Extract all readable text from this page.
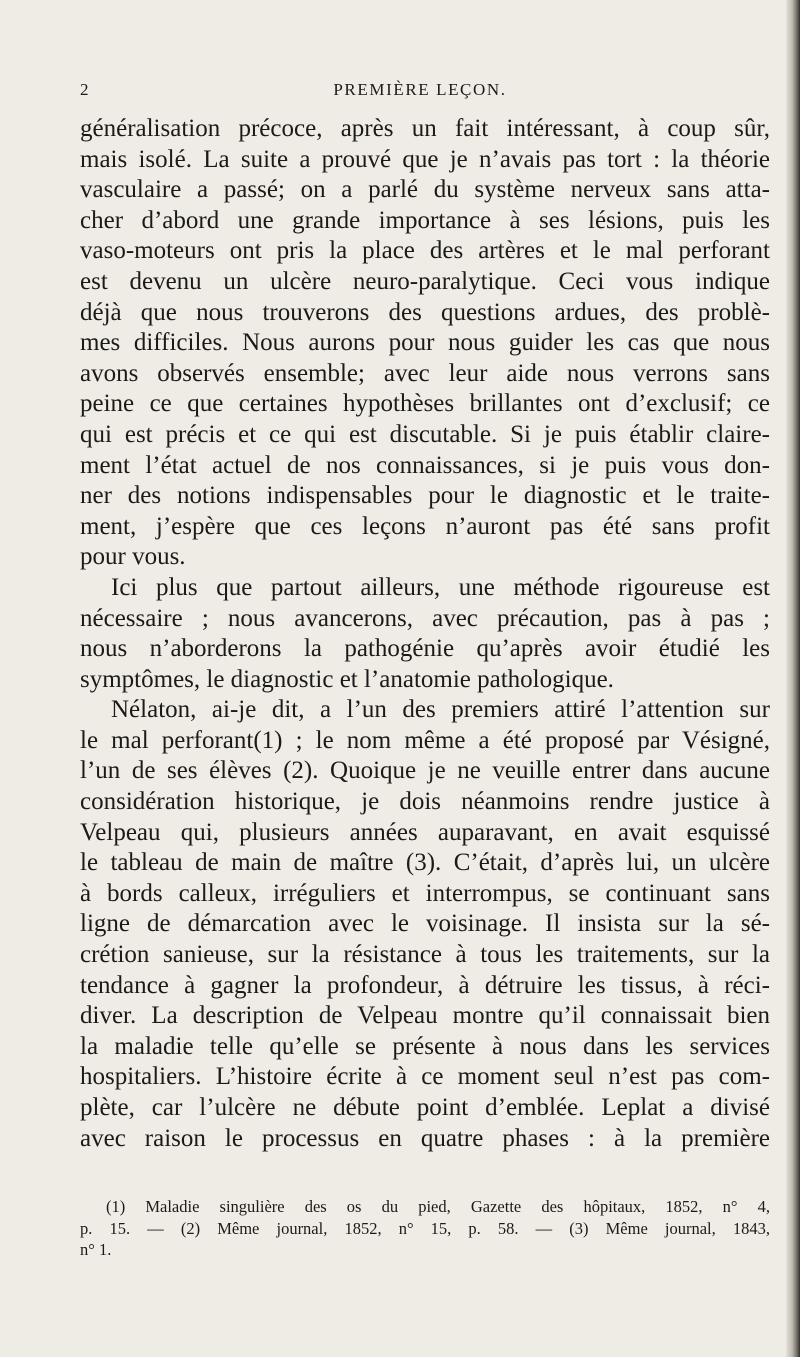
2	PREMIÈRE LEÇON.
généralisation précoce, après un fait intéressant, à coup sûr,
mais isolé. La suite a prouvé que je n’avais pas tort : la théorie
vasculaire a passé; on a parlé du système nerveux sans atta-
cher d’abord une grande importance à ses lésions, puis les
vaso-moteurs ont pris la place des artères et le mal perforant
est devenu un ulcère neuro-paralytique. Ceci vous indique
déjà que nous trouverons des questions ardues, des problè-
mes difficiles. Nous aurons pour nous guider les cas que nous
avons observés ensemble; avec leur aide nous verrons sans
peine ce que certaines hypothèses brillantes ont d’exclusif; ce
qui est précis et ce qui est discutable. Si je puis établir claire-
ment l’état actuel de nos connaissances, si je puis vous don-
ner des notions indispensables pour le diagnostic et le traite-
ment, j’espère que ces leçons n’auront pas été sans profit
pour vous.
Ici plus que partout ailleurs, une méthode rigoureuse est
nécessaire ; nous avancerons, avec précaution, pas à pas ;
nous n’aborderons la pathogénie qu’après avoir étudié les
symptômes, le diagnostic et l’anatomie pathologique.
Nélaton, ai-je dit, a l’un des premiers attiré l’attention sur
le mal perforant(1) ; le nom même a été proposé par Vésigné,
l’un de ses élèves (2). Quoique je ne veuille entrer dans aucune
considération historique, je dois néanmoins rendre justice à
Velpeau qui, plusieurs années auparavant, en avait esquissé
le tableau de main de maître (3). C’était, d’après lui, un ulcère
à bords calleux, irréguliers et interrompus, se continuant sans
ligne de démarcation avec le voisinage. Il insista sur la sé-
crétion sanieuse, sur la résistance à tous les traitements, sur la
tendance à gagner la profondeur, à détruire les tissus, à réci-
diver. La description de Velpeau montre qu’il connaissait bien
la maladie telle qu’elle se présente à nous dans les services
hospitaliers. L’histoire écrite à ce moment seul n’est pas com-
plète, car l’ulcère ne débute point d’emblée. Leplat a divisé
avec raison le processus en quatre phases : à la première
(1) Maladie singulière des os du pied, Gazette des hôpitaux, 1852, n° 4,
p. 15. — (2) Même journal, 1852, n° 15, p. 58. — (3) Même journal, 1843,
n° 1.
